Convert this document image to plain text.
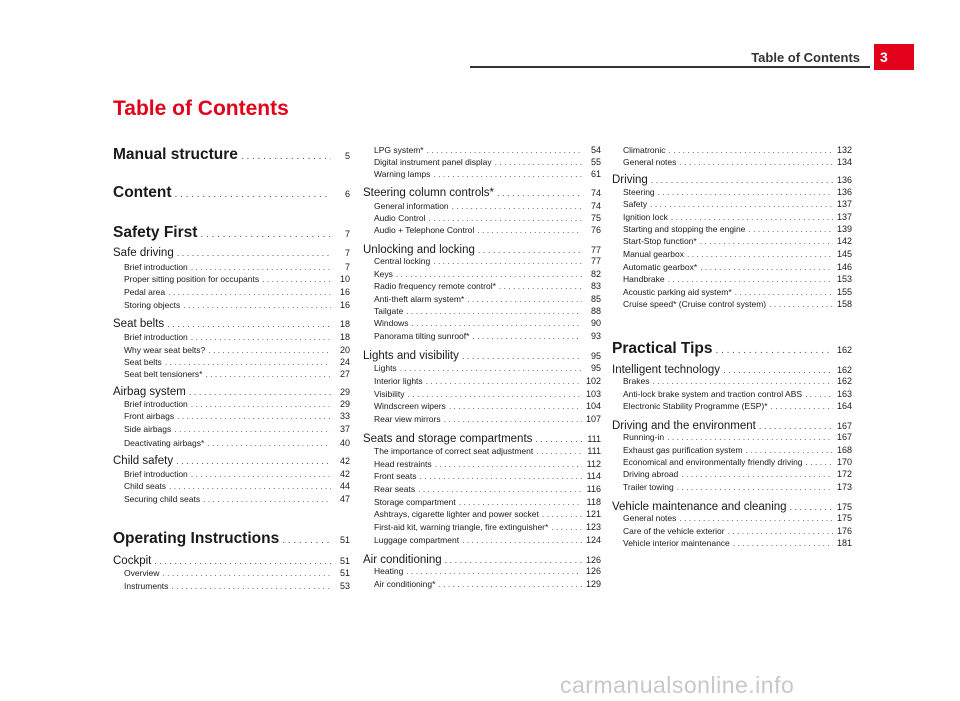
Table of Contents	3
Table of Contents
Manual structure . . .	5
Content . . .	6
Safety First . . .	7
Safe driving . . .	7
Brief introduction . . .	7
Proper sitting position for occupants . . .	10
Pedal area . . .	16
Storing objects . . .	16
Seat belts . . .	18
Brief introduction . . .	18
Why wear seat belts? . . .	20
Seat belts . . .	24
Seat belt tensioners* . . .	27
Airbag system . . .	29
Brief introduction . . .	29
Front airbags . . .	33
Side airbags . . .	37
Deactivating airbags* . . .	40
Child safety . . .	42
Brief introduction . . .	42
Child seats . . .	44
Securing child seats . . .	47
Operating Instructions . . .	51
Cockpit . . .	51
Overview . . .	51
Instruments . . .	53
LPG system* . . .	54
Digital instrument panel display . . .	55
Warning lamps . . .	61
Steering column controls* . . .	74
General information . . .	74
Audio Control . . .	75
Audio + Telephone Control . . .	76
Unlocking and locking . . .	77
Central locking . . .	77
Keys . . .	82
Radio frequency remote control* . . .	83
Anti-theft alarm system* . . .	85
Tailgate . . .	88
Windows . . .	90
Panorama tilting sunroof* . . .	93
Lights and visibility . . .	95
Lights . . .	95
Interior lights . . .	102
Visibility . . .	103
Windscreen wipers . . .	104
Rear view mirrors . . .	107
Seats and storage compartments . . .	111
The importance of correct seat adjustment . . .	111
Head restraints . . .	112
Front seats . . .	114
Rear seats . . .	116
Storage compartment . . .	118
Ashtrays, cigarette lighter and power socket . . .	121
First-aid kit, warning triangle, fire extinguisher* . . .	123
Luggage compartment . . .	124
Air conditioning . . .	126
Heating . . .	126
Air conditioning* . . .	129
Climatronic . . .	132
General notes . . .	134
Driving . . .	136
Steering . . .	136
Safety . . .	137
Ignition lock . . .	137
Starting and stopping the engine . . .	139
Start-Stop function* . . .	142
Manual gearbox . . .	145
Automatic gearbox* . . .	146
Handbrake . . .	153
Acoustic parking aid system* . . .	155
Cruise speed* (Cruise control system) . . .	158
Practical Tips . . .	162
Intelligent technology . . .	162
Brakes . . .	162
Anti-lock brake system and traction control ABS . . .	163
Electronic Stability Programme (ESP)* . . .	164
Driving and the environment . . .	167
Running-in . . .	167
Exhaust gas purification system . . .	168
Economical and environmentally friendly driving . . .	170
Driving abroad . . .	172
Trailer towing . . .	173
Vehicle maintenance and cleaning . . .	175
General notes . . .	175
Care of the vehicle exterior . . .	176
Vehicle interior maintenance . . .	181
carmanualsonline.info
